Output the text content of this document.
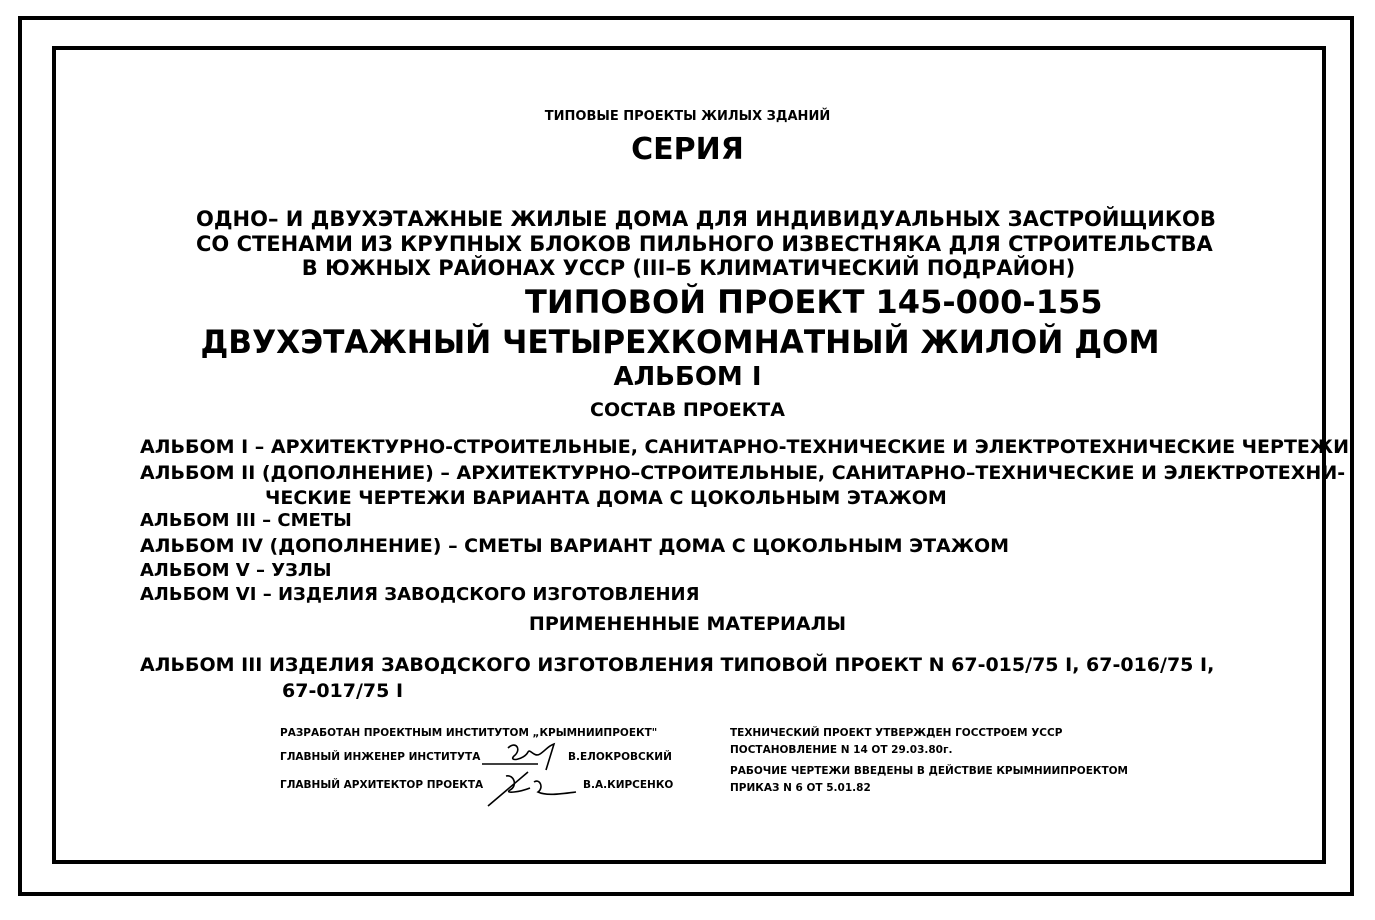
ТИПОВЫЕ ПРОЕКТЫ ЖИЛЫХ ЗДАНИЙ
СЕРИЯ
ОДНО– И ДВУХЭТАЖНЫЕ ЖИЛЫЕ ДОМА ДЛЯ ИНДИВИДУАЛЬНЫХ ЗАСТРОЙЩИКОВ
СО СТЕНАМИ ИЗ КРУПНЫХ БЛОКОВ ПИЛЬНОГО ИЗВЕСТНЯКА ДЛЯ СТРОИТЕЛЬСТВА
В ЮЖНЫХ РАЙОНАХ УССР (III–Б КЛИМАТИЧЕСКИЙ ПОДРАЙОН)
ТИПОВОЙ ПРОЕКТ 145-000-155
ДВУХЭТАЖНЫЙ ЧЕТЫРЕХКОМНАТНЫЙ ЖИЛОЙ ДОМ
АЛЬБОМ I
СОСТАВ ПРОЕКТА
АЛЬБОМ I – АРХИТЕКТУРНО-СТРОИТЕЛЬНЫЕ, САНИТАРНО-ТЕХНИЧЕСКИЕ И ЭЛЕКТРОТЕХНИЧЕСКИЕ ЧЕРТЕЖИ
АЛЬБОМ II (ДОПОЛНЕНИЕ) – АРХИТЕКТУРНО–СТРОИТЕЛЬНЫЕ, САНИТАРНО–ТЕХНИЧЕСКИЕ И ЭЛЕКТРОТЕХНИ-
ЧЕСКИЕ ЧЕРТЕЖИ ВАРИАНТА ДОМА С ЦОКОЛЬНЫМ ЭТАЖОМ
АЛЬБОМ III – СМЕТЫ
АЛЬБОМ IV (ДОПОЛНЕНИЕ) – СМЕТЫ ВАРИАНТ ДОМА С ЦОКОЛЬНЫМ ЭТАЖОМ
АЛЬБОМ V – УЗЛЫ
АЛЬБОМ VI – ИЗДЕЛИЯ ЗАВОДСКОГО ИЗГОТОВЛЕНИЯ
ПРИМЕНЕННЫЕ МАТЕРИАЛЫ
АЛЬБОМ III ИЗДЕЛИЯ ЗАВОДСКОГО ИЗГОТОВЛЕНИЯ ТИПОВОЙ ПРОЕКТ N 67-015/75 I, 67-016/75 I,
67-017/75 I
РАЗРАБОТАН ПРОЕКТНЫМ ИНСТИТУТОМ „КРЫМНИИПРОЕКТ"
ГЛАВНЫЙ ИНЖЕНЕР ИНСТИТУТА	В.ЕЛОКРОВСКИЙ
ГЛАВНЫЙ АРХИТЕКТОР ПРОЕКТА	В.А.КИРСЕНКО
ТЕХНИЧЕСКИЙ ПРОЕКТ УТВЕРЖДЕН ГОССТРОЕМ УССР
ПОСТАНОВЛЕНИЕ N 14 ОТ 29.03.80г.
РАБОЧИЕ ЧЕРТЕЖИ ВВЕДЕНЫ В ДЕЙСТВИЕ КРЫМНИИПРОЕКТОМ
ПРИКАЗ N 6 ОТ 5.01.82
